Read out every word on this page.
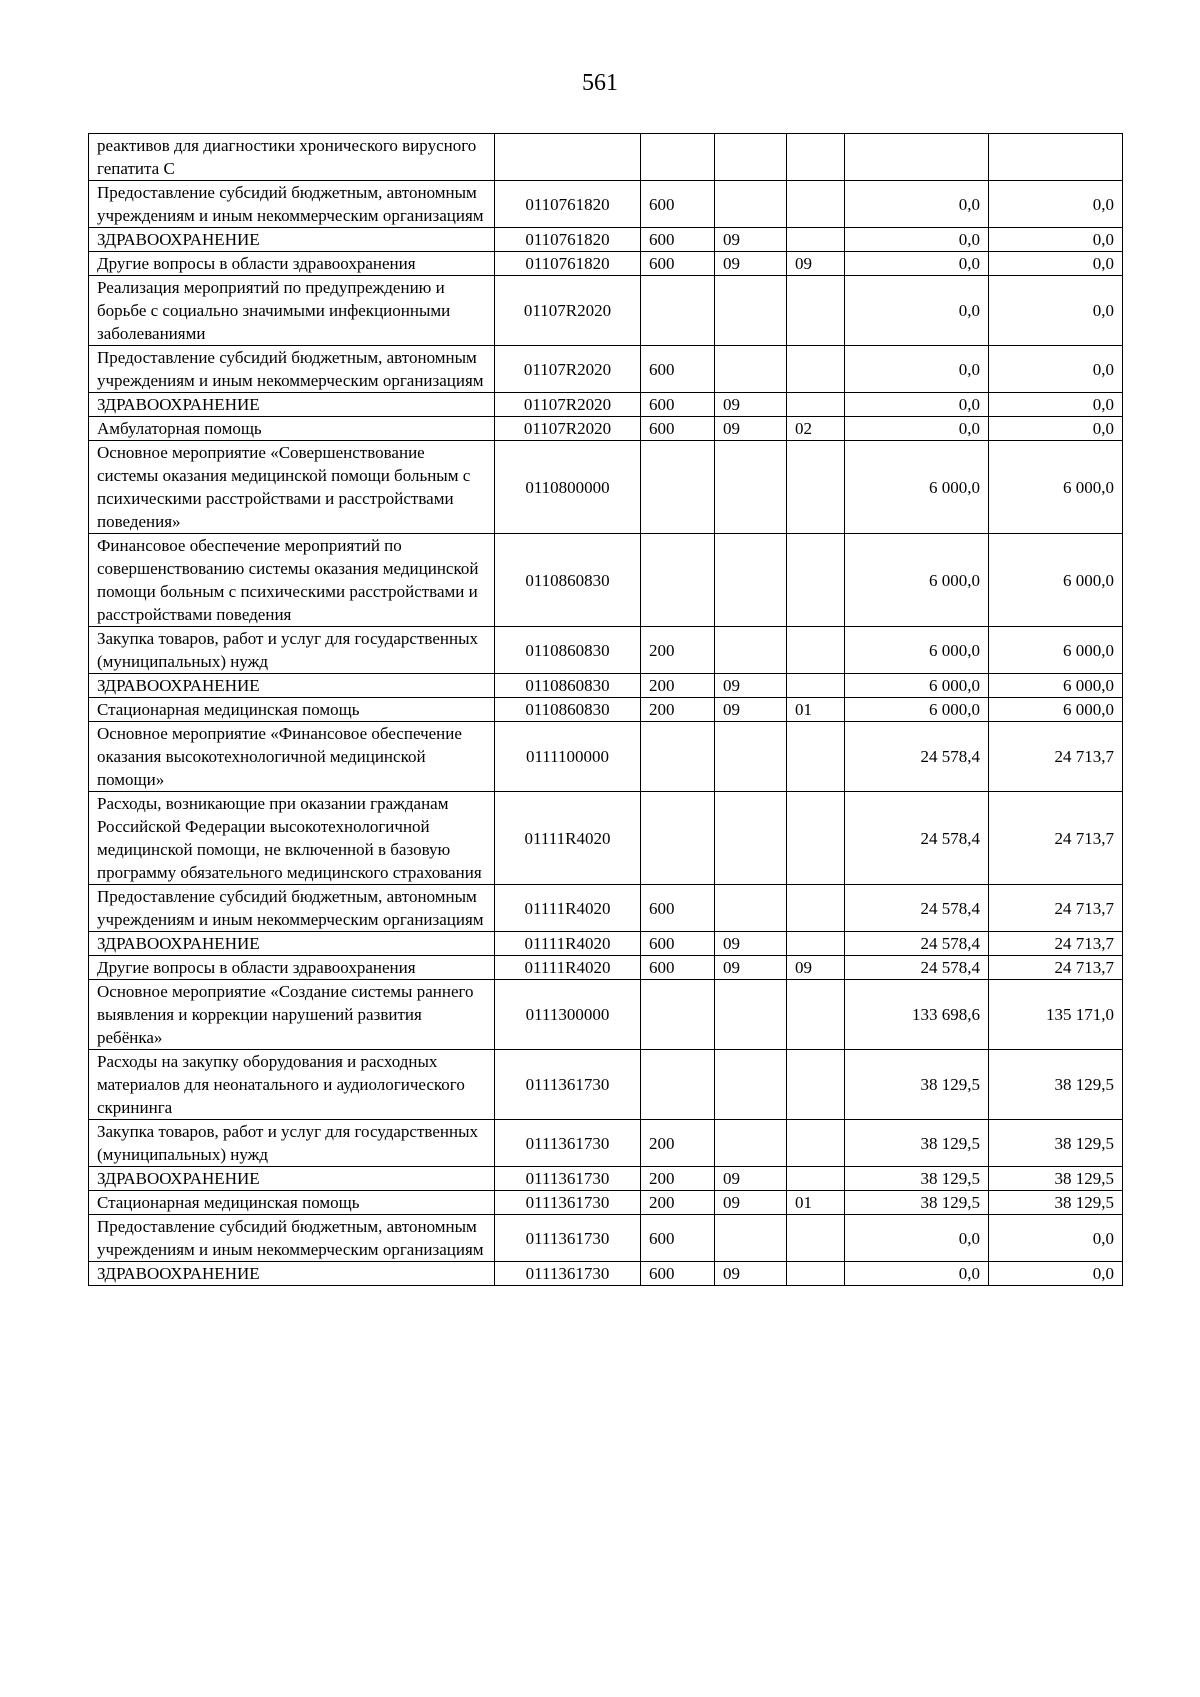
561
реактивов для диагностики хронического вирусного гепатита С						
Предоставление субсидий бюджетным, автономным учреждениям и иным некоммерческим организациям	0110761820	600			0,0	0,0
ЗДРАВООХРАНЕНИЕ	0110761820	600	09		0,0	0,0
Другие вопросы в области здравоохранения	0110761820	600	09	09	0,0	0,0
Реализация мероприятий по предупреждению и борьбе с социально значимыми инфекционными заболеваниями	01107R2020				0,0	0,0
Предоставление субсидий бюджетным, автономным учреждениям и иным некоммерческим организациям	01107R2020	600			0,0	0,0
ЗДРАВООХРАНЕНИЕ	01107R2020	600	09		0,0	0,0
Амбулаторная помощь	01107R2020	600	09	02	0,0	0,0
Основное мероприятие «Совершенствование системы оказания медицинской помощи больным с психическими расстройствами и расстройствами поведения»	0110800000				6 000,0	6 000,0
Финансовое обеспечение мероприятий по совершенствованию системы оказания медицинской помощи больным с психическими расстройствами и расстройствами поведения	0110860830				6 000,0	6 000,0
Закупка товаров, работ и услуг для государственных (муниципальных) нужд	0110860830	200			6 000,0	6 000,0
ЗДРАВООХРАНЕНИЕ	0110860830	200	09		6 000,0	6 000,0
Стационарная медицинская помощь	0110860830	200	09	01	6 000,0	6 000,0
Основное мероприятие «Финансовое обеспечение оказания высокотехнологичной медицинской помощи»	0111100000				24 578,4	24 713,7
Расходы, возникающие при оказании гражданам Российской Федерации высокотехнологичной медицинской помощи, не включенной в базовую программу обязательного медицинского страхования	01111R4020				24 578,4	24 713,7
Предоставление субсидий бюджетным, автономным учреждениям и иным некоммерческим организациям	01111R4020	600			24 578,4	24 713,7
ЗДРАВООХРАНЕНИЕ	01111R4020	600	09		24 578,4	24 713,7
Другие вопросы в области здравоохранения	01111R4020	600	09	09	24 578,4	24 713,7
Основное мероприятие «Создание системы раннего выявления и коррекции нарушений развития ребёнка»	0111300000				133 698,6	135 171,0
Расходы на закупку оборудования и расходных материалов для неонатального и аудиологического скрининга	0111361730				38 129,5	38 129,5
Закупка товаров, работ и услуг для государственных (муниципальных) нужд	0111361730	200			38 129,5	38 129,5
ЗДРАВООХРАНЕНИЕ	0111361730	200	09		38 129,5	38 129,5
Стационарная медицинская помощь	0111361730	200	09	01	38 129,5	38 129,5
Предоставление субсидий бюджетным, автономным учреждениям и иным некоммерческим организациям	0111361730	600			0,0	0,0
ЗДРАВООХРАНЕНИЕ	0111361730	600	09		0,0	0,0
